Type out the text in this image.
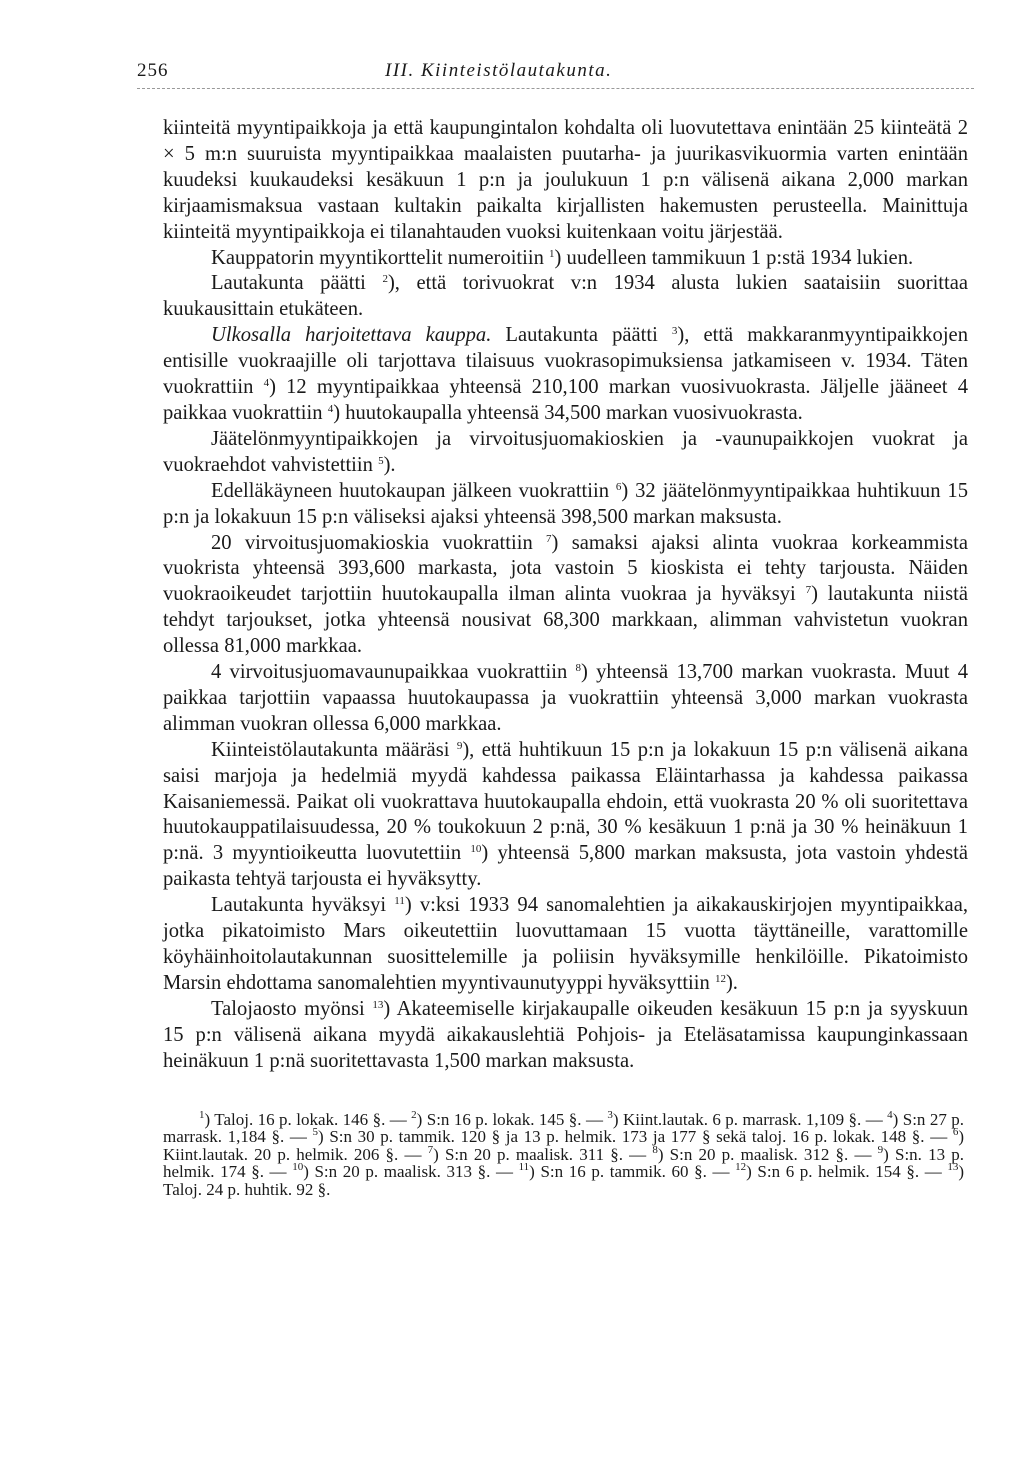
256	III. Kiinteistölautakunta.

kiinteitä myyntipaikkoja ja että kaupungintalon kohdalta oli luovutettava enintään 25 kiinteätä 2 × 5 m:n suuruista myyntipaikkaa maalaisten puutarha- ja juurikasvikuormia varten enintään kuudeksi kuukaudeksi kesäkuun 1 p:n ja joulukuun 1 p:n välisenä aikana 2,000 markan kirjaamismaksua vastaan kultakin paikalta kirjallisten hakemusten perusteella. Mainittuja kiinteitä myyntipaikkoja ei tilanahtauden vuoksi kuitenkaan voitu järjestää.

Kauppatorin myyntikorttelit numeroitiin $^1$) uudelleen tammikuun 1 p:stä 1934 lukien.

Lautakunta päätti $^2$), että torivuokrat v:n 1934 alusta lukien saataisiin suorittaa kuukausittain etukäteen.

Ulkosalla harjoitettava kauppa. Lautakunta päätti $^3$), että makkaranmyyntipaikkojen entisille vuokraajille oli tarjottava tilaisuus vuokrasopimuksiensa jatkamiseen v. 1934. Täten vuokrattiin $^4$) 12 myyntipaikkaa yhteensä 210,100 markan vuosivuokrasta. Jäljelle jääneet 4 paikkaa vuokrattiin $^4$) huutokaupalla yhteensä 34,500 markan vuosivuokrasta.

Jäätelönmyyntipaikkojen ja virvoitusjuomakioskien ja -vaunupaikkojen vuokrat ja vuokraehdot vahvistettiin $^5$).

Edelläkäyneen huutokaupan jälkeen vuokrattiin $^6$) 32 jäätelönmyyntipaikkaa huhtikuun 15 p:n ja lokakuun 15 p:n väliseksi ajaksi yhteensä 398,500 markan maksusta.

20 virvoitusjuomakioskia vuokrattiin $^7$) samaksi ajaksi alinta vuokraa korkeammista vuokrista yhteensä 393,600 markasta, jota vastoin 5 kioskista ei tehty tarjousta. Näiden vuokraoikeudet tarjottiin huutokaupalla ilman alinta vuokraa ja hyväksyi $^7$) lautakunta niistä tehdyt tarjoukset, jotka yhteensä nousivat 68,300 markkaan, alimman vahvistetun vuokran ollessa 81,000 markkaa.

4 virvoitusjuomavaunupaikkaa vuokrattiin $^8$) yhteensä 13,700 markan vuokrasta. Muut 4 paikkaa tarjottiin vapaassa huutokaupassa ja vuokrattiin yhteensä 3,000 markan vuokrasta alimman vuokran ollessa 6,000 markkaa.

Kiinteistölautakunta määräsi $^9$), että huhtikuun 15 p:n ja lokakuun 15 p:n välisenä aikana saisi marjoja ja hedelmiä myydä kahdessa paikassa Eläintarhassa ja kahdessa paikassa Kaisaniemessä. Paikat oli vuokrattava huutokaupalla ehdoin, että vuokrasta 20 % oli suoritettava huutokauppatilaisuudessa, 20 % toukokuun 2 p:nä, 30 % kesäkuun 1 p:nä ja 30 % heinäkuun 1 p:nä. 3 myyntioikeutta luovutettiin $^{10}$) yhteensä 5,800 markan maksusta, jota vastoin yhdestä paikasta tehtyä tarjousta ei hyväksytty.

Lautakunta hyväksyi $^{11}$) v:ksi 1933 94 sanomalehtien ja aikakauskirjojen myyntipaikkaa, jotka pikatoimisto Mars oikeutettiin luovuttamaan 15 vuotta täyttäneille, varattomille köyhäinhoitolautakunnan suosittelemille ja poliisin hyväksymille henkilöille. Pikatoimisto Marsin ehdottama sanomalehtien myyntivaunutyyppi hyväksyttiin $^{12}$).

Talojaosto myönsi $^{13}$) Akateemiselle kirjakaupalle oikeuden kesäkuun 15 p:n ja syyskuun 15 p:n välisenä aikana myydä aikakauslehtiä Pohjois- ja Eteläsatamissa kaupunginkassaan heinäkuun 1 p:nä suoritettavasta 1,500 markan maksusta.

$^1$) Taloj. 16 p. lokak. 146 §. — $^2$) S:n 16 p. lokak. 145 §. — $^3$) Kiint.lautak. 6 p. marrask. 1,109 §. — $^4$) S:n 27 p. marrask. 1,184 §. — $^5$) S:n 30 p. tammik. 120 § ja 13 p. helmik. 173 ja 177 § sekä taloj. 16 p. lokak. 148 §. — $^6$) Kiint.lautak. 20 p. helmik. 206 §. — $^7$) S:n 20 p. maalisk. 311 §. — $^8$) S:n 20 p. maalisk. 312 §. — $^9$) S:n. 13 p. helmik. 174 §. — $^{10}$) S:n 20 p. maalisk. 313 §. — $^{11}$) S:n 16 p. tammik. 60 §. — $^{12}$) S:n 6 p. helmik. 154 §. — $^{13}$) Taloj. 24 p. huhtik. 92 §.
